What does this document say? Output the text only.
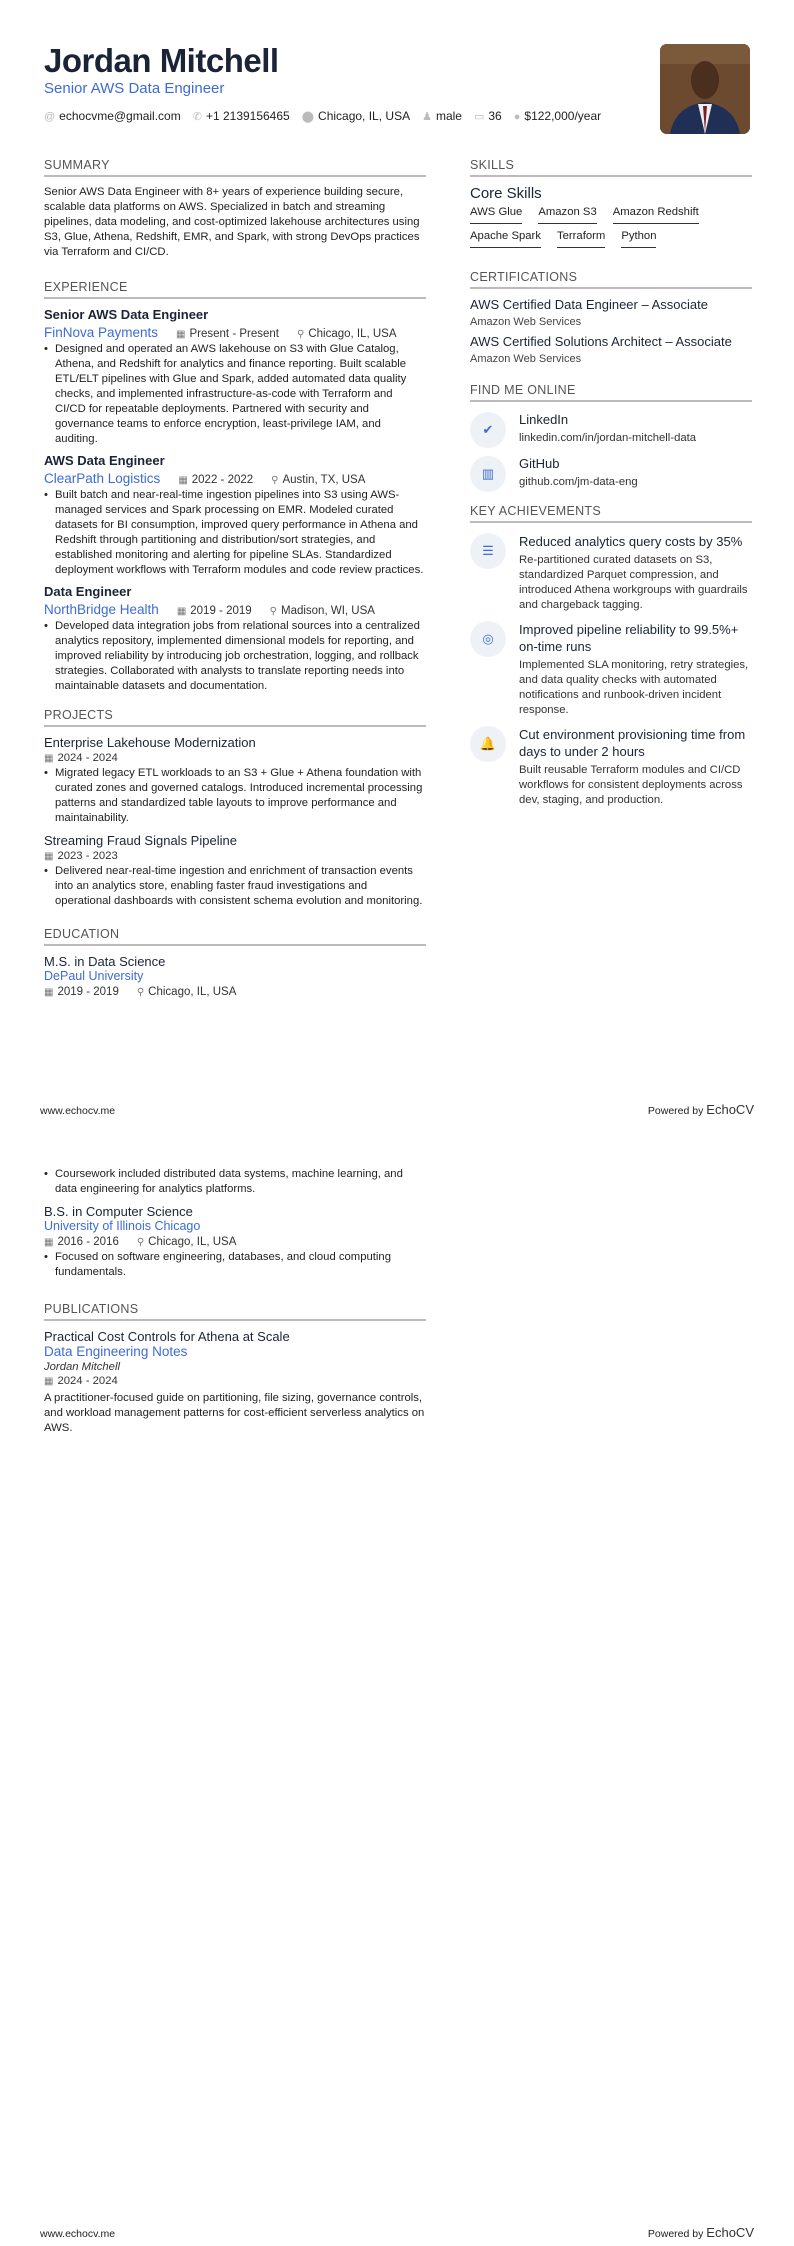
Jordan Mitchell
Senior AWS Data Engineer
@ echocvme@gmail.com ✆ +1 2139156465 ⬤ Chicago, IL, USA ♟ male ▭ 36 ● $122,000/year
SUMMARY
Senior AWS Data Engineer with 8+ years of experience building secure, scalable data platforms on AWS. Specialized in batch and streaming pipelines, data modeling, and cost-optimized lakehouse architectures using S3, Glue, Athena, Redshift, EMR, and Spark, with strong DevOps practices via Terraform and CI/CD.
EXPERIENCE
Senior AWS Data Engineer
FinNova Payments ▦ Present - Present ⚲ Chicago, IL, USA
• Designed and operated an AWS lakehouse on S3 with Glue Catalog, Athena, and Redshift for analytics and finance reporting. Built scalable ETL/ELT pipelines with Glue and Spark, added automated data quality checks, and implemented infrastructure-as-code with Terraform and CI/CD for repeatable deployments. Partnered with security and governance teams to enforce encryption, least-privilege IAM, and auditing.
AWS Data Engineer
ClearPath Logistics ▦ 2022 - 2022 ⚲ Austin, TX, USA
• Built batch and near-real-time ingestion pipelines into S3 using AWS-managed services and Spark processing on EMR. Modeled curated datasets for BI consumption, improved query performance in Athena and Redshift through partitioning and distribution/sort strategies, and established monitoring and alerting for pipeline SLAs. Standardized deployment workflows with Terraform modules and code review practices.
Data Engineer
NorthBridge Health ▦ 2019 - 2019 ⚲ Madison, WI, USA
• Developed data integration jobs from relational sources into a centralized analytics repository, implemented dimensional models for reporting, and improved reliability by introducing job orchestration, logging, and rollback strategies. Collaborated with analysts to translate reporting needs into maintainable datasets and documentation.
PROJECTS
Enterprise Lakehouse Modernization
▦ 2024 - 2024
• Migrated legacy ETL workloads to an S3 + Glue + Athena foundation with curated zones and governed catalogs. Introduced incremental processing patterns and standardized table layouts to improve performance and maintainability.
Streaming Fraud Signals Pipeline
▦ 2023 - 2023
• Delivered near-real-time ingestion and enrichment of transaction events into an analytics store, enabling faster fraud investigations and operational dashboards with consistent schema evolution and monitoring.
EDUCATION
M.S. in Data Science
DePaul University
▦ 2019 - 2019 ⚲ Chicago, IL, USA
SKILLS
Core Skills
AWS Glue Amazon S3 Amazon Redshift
Apache Spark Terraform Python
CERTIFICATIONS
AWS Certified Data Engineer – Associate
Amazon Web Services
AWS Certified Solutions Architect – Associate
Amazon Web Services
FIND ME ONLINE
✔
LinkedIn
linkedin.com/in/jordan-mitchell-data
▥
GitHub
github.com/jm-data-eng
KEY ACHIEVEMENTS
☰
Reduced analytics query costs by 35%
Re-partitioned curated datasets on S3, standardized Parquet compression, and introduced Athena workgroups with guardrails and chargeback tagging.
◎
Improved pipeline reliability to 99.5%+ on-time runs
Implemented SLA monitoring, retry strategies, and data quality checks with automated notifications and runbook-driven incident response.
🔔
Cut environment provisioning time from days to under 2 hours
Built reusable Terraform modules and CI/CD workflows for consistent deployments across dev, staging, and production.
www.echocv.me	Powered by EchoCV
• Coursework included distributed data systems, machine learning, and data engineering for analytics platforms.
B.S. in Computer Science
University of Illinois Chicago
▦ 2016 - 2016 ⚲ Chicago, IL, USA
• Focused on software engineering, databases, and cloud computing fundamentals.
PUBLICATIONS
Practical Cost Controls for Athena at Scale
Data Engineering Notes
Jordan Mitchell
▦ 2024 - 2024
A practitioner-focused guide on partitioning, file sizing, governance controls, and workload management patterns for cost-efficient serverless analytics on AWS.
www.echocv.me	Powered by EchoCV
